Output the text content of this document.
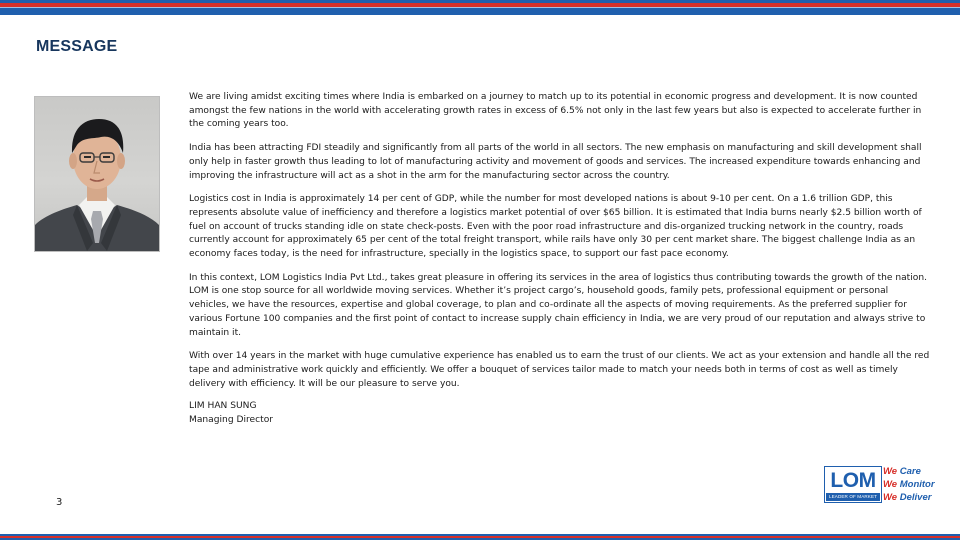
MESSAGE

We are living amidst exciting times where India is embarked on a journey to match up to its potential in economic progress and development. It is now counted amongst the few nations in the world with accelerating growth rates in excess of 6.5% not only in the last few years but also is expected to accelerate further in the coming years too.

India has been attracting FDI steadily and significantly from all parts of the world in all sectors. The new emphasis on manufacturing and skill development shall only help in faster growth thus leading to lot of manufacturing activity and movement of goods and services. The increased expenditure towards enhancing and improving the infrastructure will act as a shot in the arm for the manufacturing sector across the country.

Logistics cost in India is approximately 14 per cent of GDP, while the number for most developed nations is about 9-10 per cent. On a 1.6 trillion GDP, this represents absolute value of inefficiency and therefore a logistics market potential of over $65 billion. It is estimated that India burns nearly $2.5 billion worth of fuel on account of trucks standing idle on state check-posts. Even with the poor road infrastructure and dis-organized trucking network in the country, roads currently account for approximately 65 per cent of the total freight transport, while rails have only 30 per cent market share. The biggest challenge India as an economy faces today, is the need for infrastructure, specially in the logistics space, to support our fast pace economy.

In this context, LOM Logistics India Pvt Ltd., takes great pleasure in offering its services in the area of logistics thus contributing towards the growth of the nation. LOM is one stop source for all worldwide moving services. Whether it’s project cargo’s, household goods, family pets, professional equipment or personal vehicles, we have the resources, expertise and global coverage, to plan and co-ordinate all the aspects of moving requirements. As the preferred supplier for various Fortune 100 companies and the first point of contact to increase supply chain efficiency in India, we are very proud of our reputation and always strive to maintain it.

With over 14 years in the market with huge cumulative experience has enabled us to earn the trust of our clients. We act as your extension and handle all the red tape and administrative work quickly and efficiently. We offer a bouquet of services tailor made to match your needs both in terms of cost as well as timely delivery with efficiency. It will be our pleasure to serve you.

LIM HAN SUNG
Managing Director
3
LOM
LEADER OF MARKET
We Care
We Monitor
We Deliver
